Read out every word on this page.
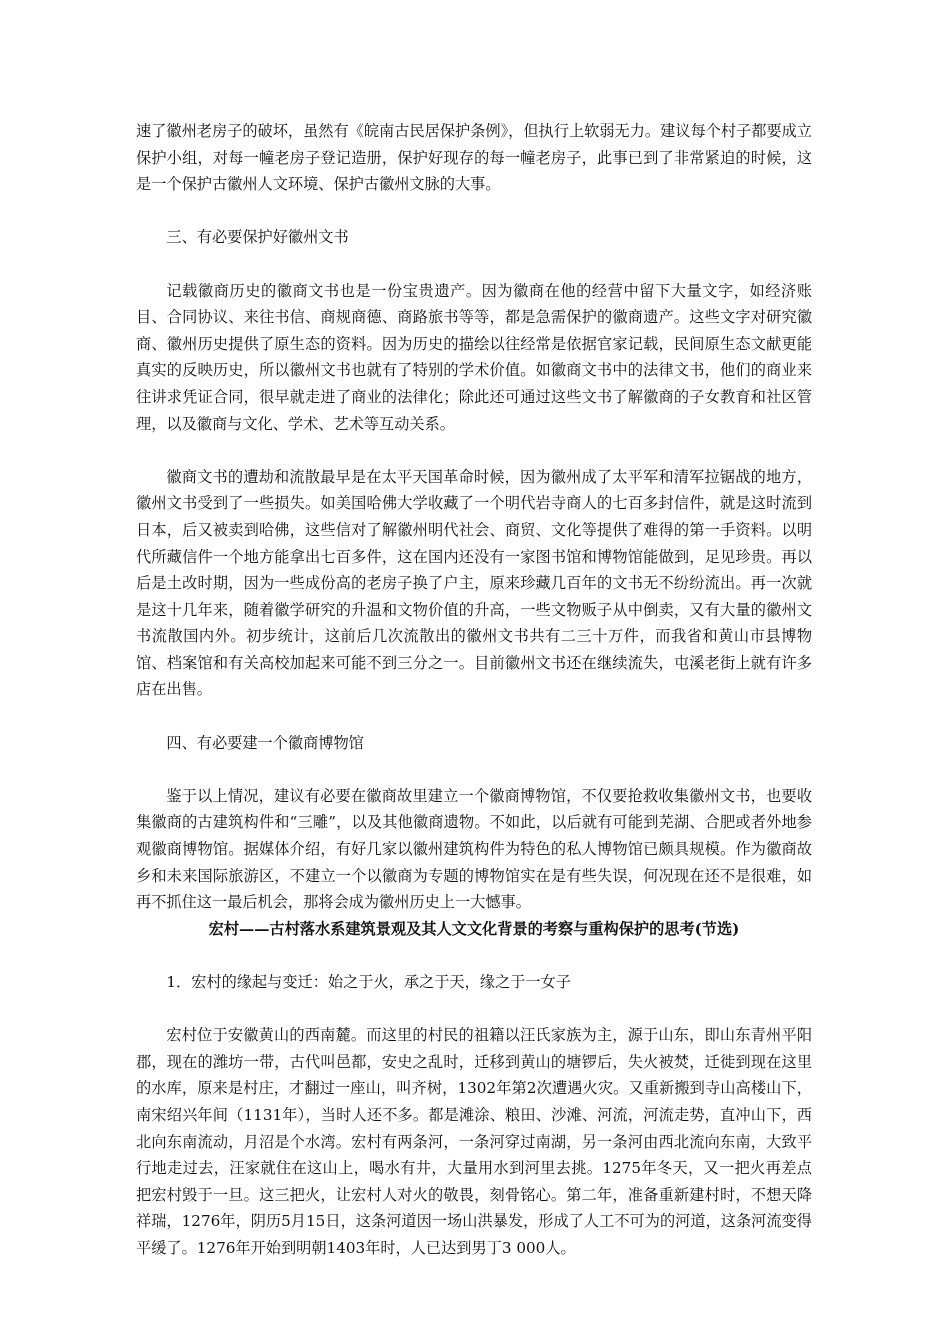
速了徽州老房子的破坏，虽然有《皖南古民居保护条例》，但执行上软弱无力。建议每个村子都要成立保护小组，对每一幢老房子登记造册，保护好现存的每一幢老房子，此事已到了非常紧迫的时候，这是一个保护古徽州人文环境、保护古徽州文脉的大事。

三、有必要保护好徽州文书

记载徽商历史的徽商文书也是一份宝贵遗产。因为徽商在他的经营中留下大量文字，如经济账目、合同协议、来往书信、商规商德、商路旅书等等，都是急需保护的徽商遗产。这些文字对研究徽商、徽州历史提供了原生态的资料。因为历史的描绘以往经常是依据官家记载，民间原生态文献更能真实的反映历史，所以徽州文书也就有了特别的学术价值。如徽商文书中的法律文书，他们的商业来往讲求凭证合同，很早就走进了商业的法律化；除此还可通过这些文书了解徽商的子女教育和社区管理，以及徽商与文化、学术、艺术等互动关系。

徽商文书的遭劫和流散最早是在太平天国革命时候，因为徽州成了太平军和清军拉锯战的地方，徽州文书受到了一些损失。如美国哈佛大学收藏了一个明代岩寺商人的七百多封信件，就是这时流到日本，后又被卖到哈佛，这些信对了解徽州明代社会、商贸、文化等提供了难得的第一手资料。以明代所藏信件一个地方能拿出七百多件，这在国内还没有一家图书馆和博物馆能做到，足见珍贵。再以后是土改时期，因为一些成份高的老房子换了户主，原来珍藏几百年的文书无不纷纷流出。再一次就是这十几年来，随着徽学研究的升温和文物价值的升高，一些文物贩子从中倒卖，又有大量的徽州文书流散国内外。初步统计，这前后几次流散出的徽州文书共有二三十万件，而我省和黄山市县博物馆、档案馆和有关高校加起来可能不到三分之一。目前徽州文书还在继续流失，屯溪老街上就有许多店在出售。

四、有必要建一个徽商博物馆

鉴于以上情况，建议有必要在徽商故里建立一个徽商博物馆，不仅要抢救收集徽州文书，也要收集徽商的古建筑构件和“三雕”，以及其他徽商遗物。不如此，以后就有可能到芜湖、合肥或者外地参观徽商博物馆。据媒体介绍，有好几家以徽州建筑构件为特色的私人博物馆已颇具规模。作为徽商故乡和未来国际旅游区，不建立一个以徽商为专题的博物馆实在是有些失误，何况现在还不是很难，如再不抓住这一最后机会，那将会成为徽州历史上一大憾事。

宏村——古村落水系建筑景观及其人文文化背景的考察与重构保护的思考(节选)

1．宏村的缘起与变迁：始之于火，承之于天，缘之于一女子

宏村位于安徽黄山的西南麓。而这里的村民的祖籍以汪氏家族为主，源于山东，即山东青州平阳郡，现在的潍坊一带，古代叫邑都，安史之乱时，迁移到黄山的塘锣后，失火被焚，迁徙到现在这里的水库，原来是村庄，才翻过一座山，叫齐树，1302年第2次遭遇火灾。又重新搬到寺山高楼山下，南宋绍兴年间（1131年），当时人还不多。都是滩涂、粮田、沙滩、河流，河流走势，直冲山下，西北向东南流动，月沼是个水湾。宏村有两条河，一条河穿过南湖，另一条河由西北流向东南，大致平行地走过去，汪家就住在这山上，喝水有井，大量用水到河里去挑。1275年冬天，又一把火再差点把宏村毁于一旦。这三把火，让宏村人对火的敬畏，刻骨铭心。第二年，准备重新建村时，不想天降祥瑞，1276年，阴历5月15日，这条河道因一场山洪暴发，形成了人工不可为的河道，这条河流变得平缓了。1276年开始到明朝1403年时，人已达到男丁3 000人。
